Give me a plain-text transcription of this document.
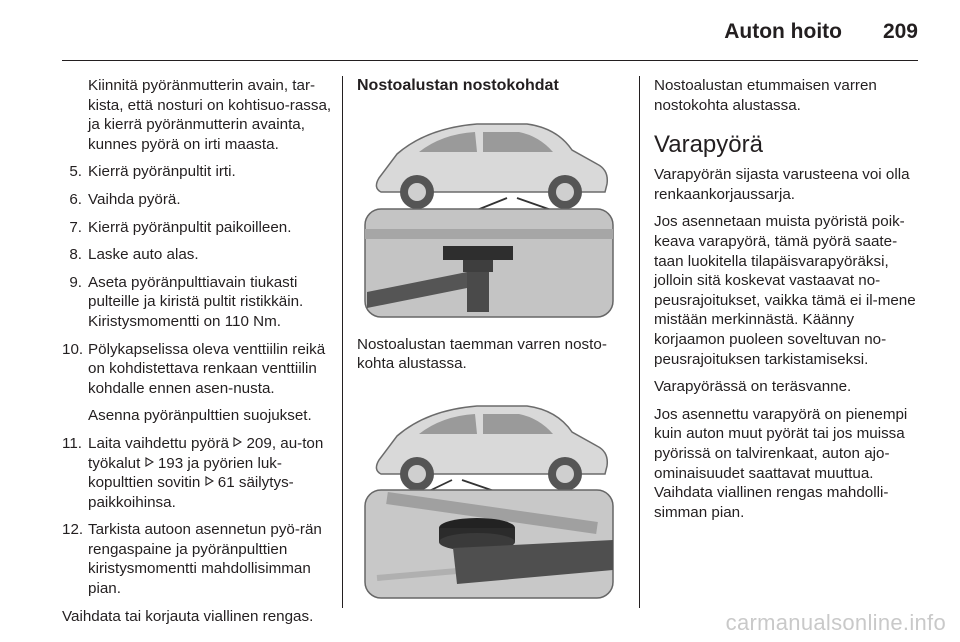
Auton hoito 209

Kiinnitä pyöränmutterin avain, tar-kista, että nosturi on kohtisuo-rassa, ja kierrä pyöränmutterin avainta, kunnes pyörä on irti maasta.

5. Kierrä pyöränpultit irti.
6. Vaihda pyörä.
7. Kierrä pyöränpultit paikoilleen.
8. Laske auto alas.
9. Aseta pyöränpulttiavain tiukasti pulteille ja kiristä pultit ristikkäin. Kiristysmomentti on 110 Nm.
10. Pölykapselissa oleva venttiilin reikä on kohdistettava renkaan venttiilin kohdalle ennen asen-nusta.
Asenna pyöränpulttien suojukset.
11. Laita vaihdettu pyörä 209, au-ton työkalut 193 ja pyörien luk-kopulttien sovitin 61 säilytys-paikkoihinsa.
12. Tarkista autoon asennetun pyö-rän rengaspaine ja pyöränpulttien kiristysmomentti mahdollisimman pian.

Vaihdata tai korjauta viallinen rengas.

Nostoalustan nostokohdat

Nostoalustan taemman varren nosto-kohta alustassa.

Nostoalustan etummaisen varren nostokohta alustassa.

Varapyörä

Varapyörän sijasta varusteena voi olla renkaankorjaussarja.

Jos asennetaan muista pyöristä poik-keava varapyörä, tämä pyörä saate-taan luokitella tilapäisvarapyöräksi, jolloin sitä koskevat vastaavat no-peusrajoitukset, vaikka tämä ei il-mene mistään merkinnästä. Käänny korjaamon puoleen soveltuvan no-peusrajoituksen tarkistamiseksi.

Varapyörässä on teräsvanne.

Jos asennettu varapyörä on pienempi kuin auton muut pyörät tai jos muissa pyörissä on talvirenkaat, auton ajo-ominaisuudet saattavat muuttua. Vaihdata viallinen rengas mahdolli-simman pian.

carmanualsonline.info
